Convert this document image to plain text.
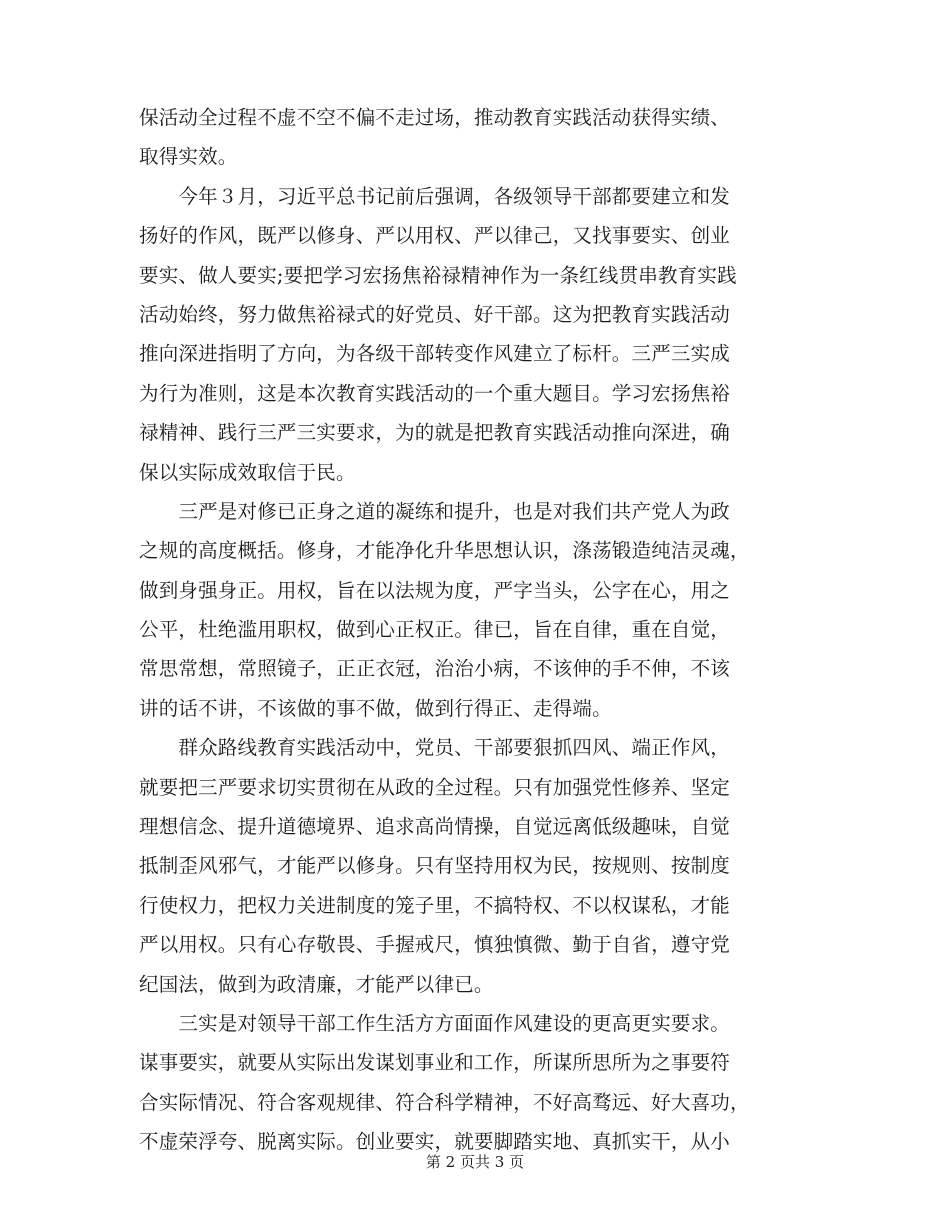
保活动全过程不虚不空不偏不走过场，推动教育实践活动获得实绩、
取得实效。
　　今年３月，习近平总书记前后强调，各级领导干部都要建立和发
扬好的作风，既严以修身、严以用权、严以律己，又找事要实、创业
要实、做人要实;要把学习宏扬焦裕禄精神作为一条红线贯串教育实践
活动始终，努力做焦裕禄式的好党员、好干部。这为把教育实践活动
推向深进指明了方向，为各级干部转变作风建立了标杆。三严三实成
为行为准则，这是本次教育实践活动的一个重大题目。学习宏扬焦裕
禄精神、践行三严三实要求，为的就是把教育实践活动推向深进，确
保以实际成效取信于民。
　　三严是对修已正身之道的凝练和提升，也是对我们共产党人为政
之规的高度概括。修身，才能净化升华思想认识，涤荡锻造纯洁灵魂，
做到身强身正。用权，旨在以法规为度，严字当头，公字在心，用之
公平，杜绝滥用职权，做到心正权正。律已，旨在自律，重在自觉，
常思常想，常照镜子，正正衣冠，治治小病，不该伸的手不伸，不该
讲的话不讲，不该做的事不做，做到行得正、走得端。
　　群众路线教育实践活动中，党员、干部要狠抓四风、端正作风，
就要把三严要求切实贯彻在从政的全过程。只有加强党性修养、坚定
理想信念、提升道德境界、追求高尚情操，自觉远离低级趣味，自觉
抵制歪风邪气，才能严以修身。只有坚持用权为民，按规则、按制度
行使权力，把权力关进制度的笼子里，不搞特权、不以权谋私，才能
严以用权。只有心存敬畏、手握戒尺，慎独慎微、勤于自省，遵守党
纪国法，做到为政清廉，才能严以律已。
　　三实是对领导干部工作生活方方面面作风建设的更高更实要求。
谋事要实，就要从实际出发谋划事业和工作，所谋所思所为之事要符
合实际情况、符合客观规律、符合科学精神，不好高骛远、好大喜功，
不虚荣浮夸、脱离实际。创业要实，就要脚踏实地、真抓实干，从小
第 2 页共 3 页
